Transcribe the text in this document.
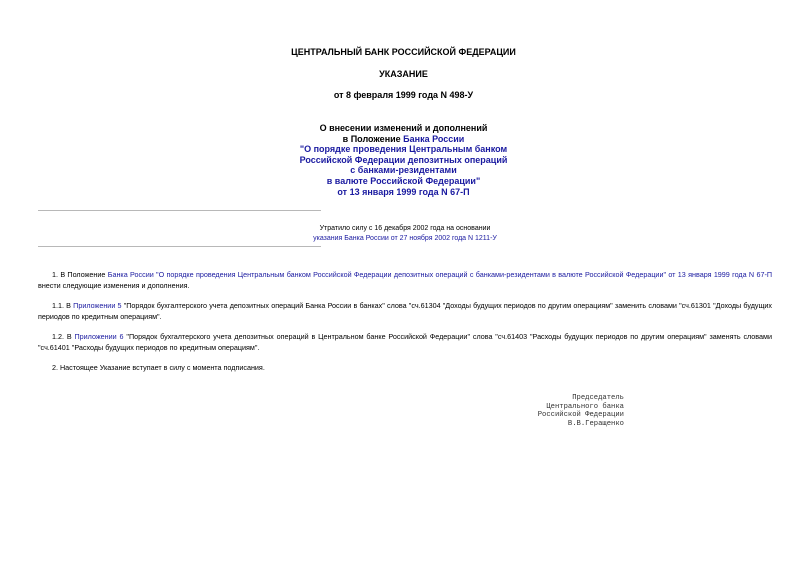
ЦЕНТРАЛЬНЫЙ БАНК РОССИЙСКОЙ ФЕДЕРАЦИИ
УКАЗАНИЕ
от 8 февраля 1999 года N 498-У
О внесении изменений и дополнений
в Положение Банка России
"О порядке проведения Центральным банком
Российской Федерации депозитных операций
с банками-резидентами
в валюте Российской Федерации"
от 13 января 1999 года N 67-П
Утратило силу с 16 декабря 2002 года на основании
указания Банка России от 27 ноября 2002 года N 1211-У
1. В Положение Банка России "О порядке проведения Центральным банком Российской Федерации депозитных операций с банками-резидентами в валюте Российской Федерации" от 13 января 1999 года N 67-П внести следующие изменения и дополнения.
1.1. В Приложении 5 "Порядок бухгалтерского учета депозитных операций Банка России в банках" слова "сч.61304 "Доходы будущих периодов по другим операциям" заменить словами "сч.61301 "Доходы будущих периодов по кредитным операциям".
1.2. В Приложении 6 "Порядок бухгалтерского учета депозитных операций в Центральном банке Российской Федерации" слова "сч.61403 "Расходы будущих периодов по другим операциям" заменять словами "сч.61401 "Расходы будущих периодов по кредитным операциям".
2. Настоящее Указание вступает в силу с момента подписания.
Председатель
Центрального банка
Российской Федерации
В.В.Геращенко
